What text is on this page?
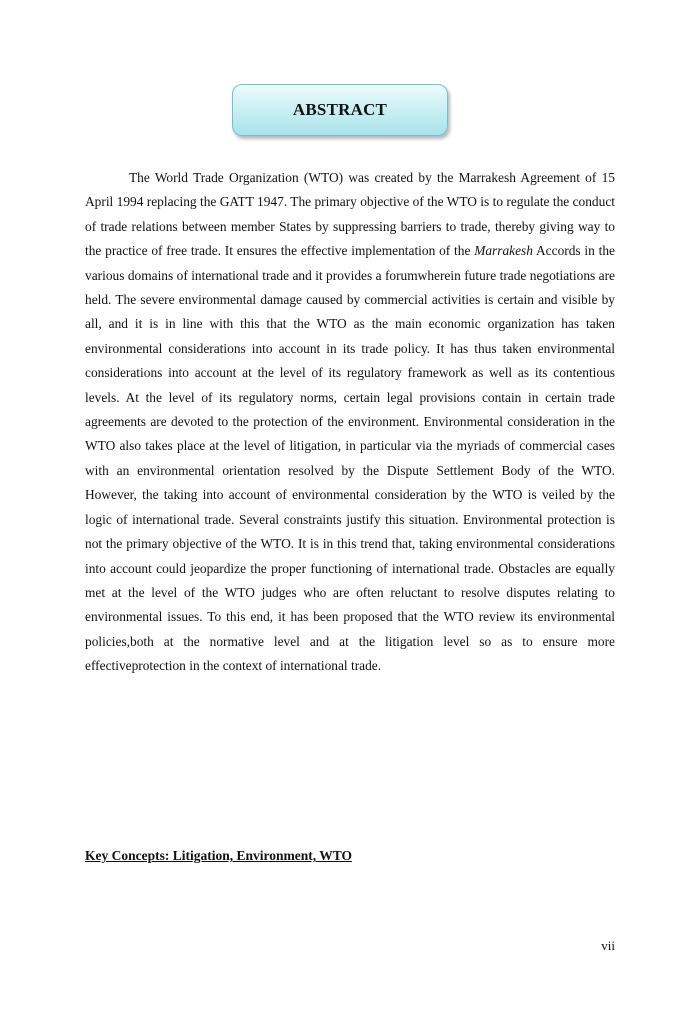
ABSTRACT

The World Trade Organization (WTO) was created by the Marrakesh Agreement of 15 April 1994 replacing the GATT 1947. The primary objective of the WTO is to regulate the conduct of trade relations between member States by suppressing barriers to trade, thereby giving way to the practice of free trade. It ensures the effective implementation of the Marrakesh Accords in the various domains of international trade and it provides a forumwherein future trade negotiations are held. The severe environmental damage caused by commercial activities is certain and visible by all, and it is in line with this that the WTO as the main economic organization has taken environmental considerations into account in its trade policy. It has thus taken environmental considerations into account at the level of its regulatory framework as well as its contentious levels. At the level of its regulatory norms, certain legal provisions contain in certain trade agreements are devoted to the protection of the environment. Environmental consideration in the WTO also takes place at the level of litigation, in particular via the myriads of commercial cases with an environmental orientation resolved by the Dispute Settlement Body of the WTO. However, the taking into account of environmental consideration by the WTO is veiled by the logic of international trade. Several constraints justify this situation. Environmental protection is not the primary objective of the WTO. It is in this trend that, taking environmental considerations into account could jeopardize the proper functioning of international trade. Obstacles are equally met at the level of the WTO judges who are often reluctant to resolve disputes relating to environmental issues. To this end, it has been proposed that the WTO review its environmental policies,both at the normative level and at the litigation level so as to ensure more effectiveprotection in the context of international trade.

Key Concepts: Litigation, Environment, WTO
vii
